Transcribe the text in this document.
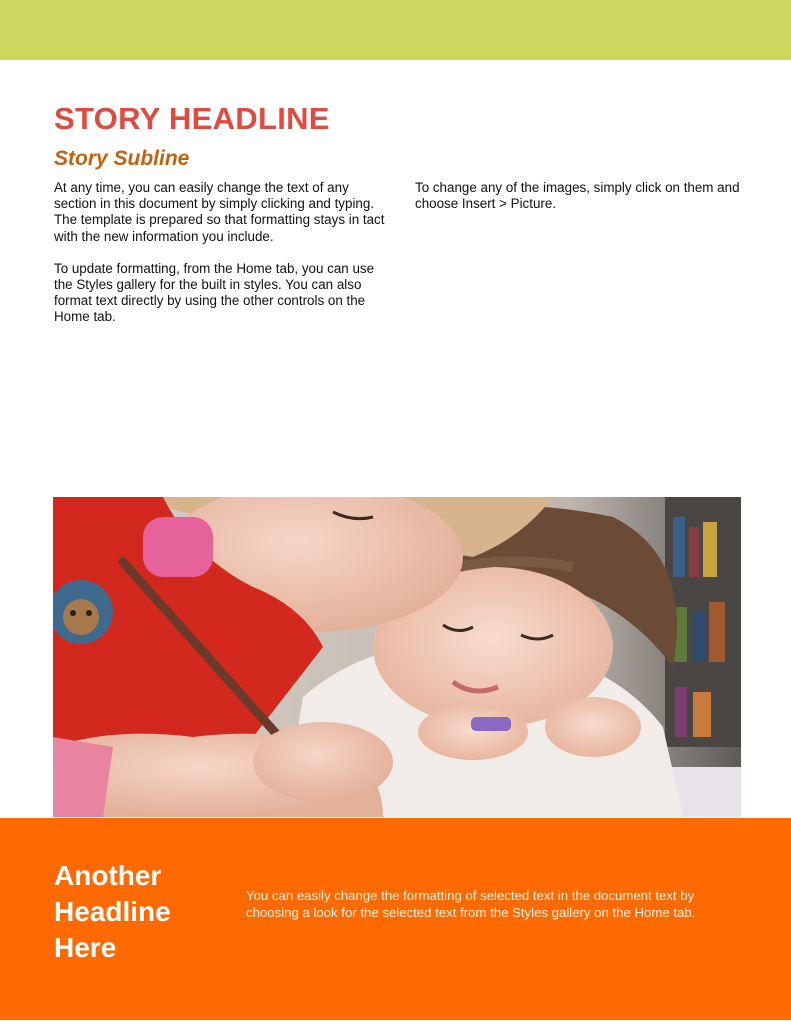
STORY HEADLINE
Story Subline

At any time, you can easily change the text of any section in this document by simply clicking and typing. The template is prepared so that formatting stays in tact with the new information you include.

To update formatting, from the Home tab, you can use the Styles gallery for the built in styles. You can also format text directly by using the other controls on the Home tab.

To change any of the images, simply click on them and choose Insert > Picture.

Another Headline Here

You can easily change the formatting of selected text in the document text by choosing a look for the selected text from the Styles gallery on the Home tab.
